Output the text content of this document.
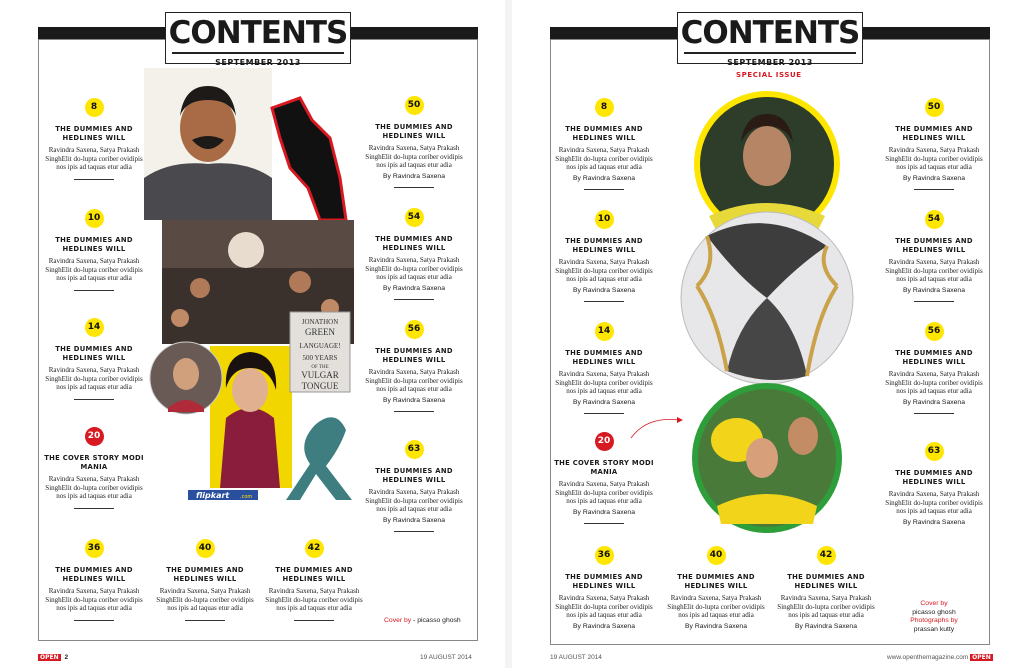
CONTENTS
SEPTEMBER 2013
8
THE DUMMIES AND HEDLINES WILL
Ravindra Saxena, Satya Prakash SinghElit do-lupta coriber ovidipis nos ipis ad taquas etur adia
10
THE DUMMIES AND HEDLINES WILL
Ravindra Saxena, Satya Prakash SinghElit do-lupta coriber ovidipis nos ipis ad taquas etur adia
14
THE DUMMIES AND HEDLINES WILL
Ravindra Saxena, Satya Prakash SinghElit do-lupta coriber ovidipis nos ipis ad taquas etur adia
20
THE COVER STORY MODI MANIA
Ravindra Saxena, Satya Prakash SinghElit do-lupta coriber ovidipis nos ipis ad taquas etur adia
36
THE DUMMIES AND HEDLINES WILL
Ravindra Saxena, Satya Prakash SinghElit do-lupta coriber ovidipis nos ipis ad taquas etur adia
40
THE DUMMIES AND HEDLINES WILL
Ravindra Saxena, Satya Prakash SinghElit do-lupta coriber ovidipis nos ipis ad taquas etur adia
42
THE DUMMIES AND HEDLINES WILL
Ravindra Saxena, Satya Prakash SinghElit do-lupta coriber ovidipis nos ipis ad taquas etur adia
50
THE DUMMIES AND HEDLINES WILL
Ravindra Saxena, Satya Prakash SinghElit do-lupta coriber ovidipis nos ipis ad taquas etur adia
By Ravindra Saxena
54
THE DUMMIES AND HEDLINES WILL
Ravindra Saxena, Satya Prakash SinghElit do-lupta coriber ovidipis nos ipis ad taquas etur adia
By Ravindra Saxena
56
THE DUMMIES AND HEDLINES WILL
Ravindra Saxena, Satya Prakash SinghElit do-lupta coriber ovidipis nos ipis ad taquas etur adia
By Ravindra Saxena
63
THE DUMMIES AND HEDLINES WILL
Ravindra Saxena, Satya Prakash SinghElit do-lupta coriber ovidipis nos ipis ad taquas etur adia
By Ravindra Saxena
Cover by - picasso ghosh
JONATHON
GREEN
LANGUAGE!
500 YEARS
OF THE
VULGAR
TONGUE
flipkart .com
OPEN 2	19 AUGUST 2014
CONTENTS
SEPTEMBER 2013
SPECIAL ISSUE
8
THE DUMMIES AND HEDLINES WILL
Ravindra Saxena, Satya Prakash SinghElit do-lupta coriber ovidipis nos ipis ad taquas etur adia
By Ravindra Saxena
10
THE DUMMIES AND HEDLINES WILL
Ravindra Saxena, Satya Prakash SinghElit do-lupta coriber ovidipis nos ipis ad taquas etur adia
By Ravindra Saxena
14
THE DUMMIES AND HEDLINES WILL
Ravindra Saxena, Satya Prakash SinghElit do-lupta coriber ovidipis nos ipis ad taquas etur adia
By Ravindra Saxena
20
THE COVER STORY MODI MANIA
Ravindra Saxena, Satya Prakash SinghElit do-lupta coriber ovidipis nos ipis ad taquas etur adia
By Ravindra Saxena
36
THE DUMMIES AND HEDLINES WILL
Ravindra Saxena, Satya Prakash SinghElit do-lupta coriber ovidipis nos ipis ad taquas etur adia
By Ravindra Saxena
40
THE DUMMIES AND HEDLINES WILL
Ravindra Saxena, Satya Prakash SinghElit do-lupta coriber ovidipis nos ipis ad taquas etur adia
By Ravindra Saxena
42
THE DUMMIES AND HEDLINES WILL
Ravindra Saxena, Satya Prakash SinghElit do-lupta coriber ovidipis nos ipis ad taquas etur adia
By Ravindra Saxena
50
THE DUMMIES AND HEDLINES WILL
Ravindra Saxena, Satya Prakash SinghElit do-lupta coriber ovidipis nos ipis ad taquas etur adia
By Ravindra Saxena
54
THE DUMMIES AND HEDLINES WILL
Ravindra Saxena, Satya Prakash SinghElit do-lupta coriber ovidipis nos ipis ad taquas etur adia
By Ravindra Saxena
56
THE DUMMIES AND HEDLINES WILL
Ravindra Saxena, Satya Prakash SinghElit do-lupta coriber ovidipis nos ipis ad taquas etur adia
By Ravindra Saxena
63
THE DUMMIES AND HEDLINES WILL
Ravindra Saxena, Satya Prakash SinghElit do-lupta coriber ovidipis nos ipis ad taquas etur adia
By Ravindra Saxena
Cover by
picasso ghosh
Photographs by
prassan kutty
19 AUGUST 2014	www.openthemagazine.com OPEN
